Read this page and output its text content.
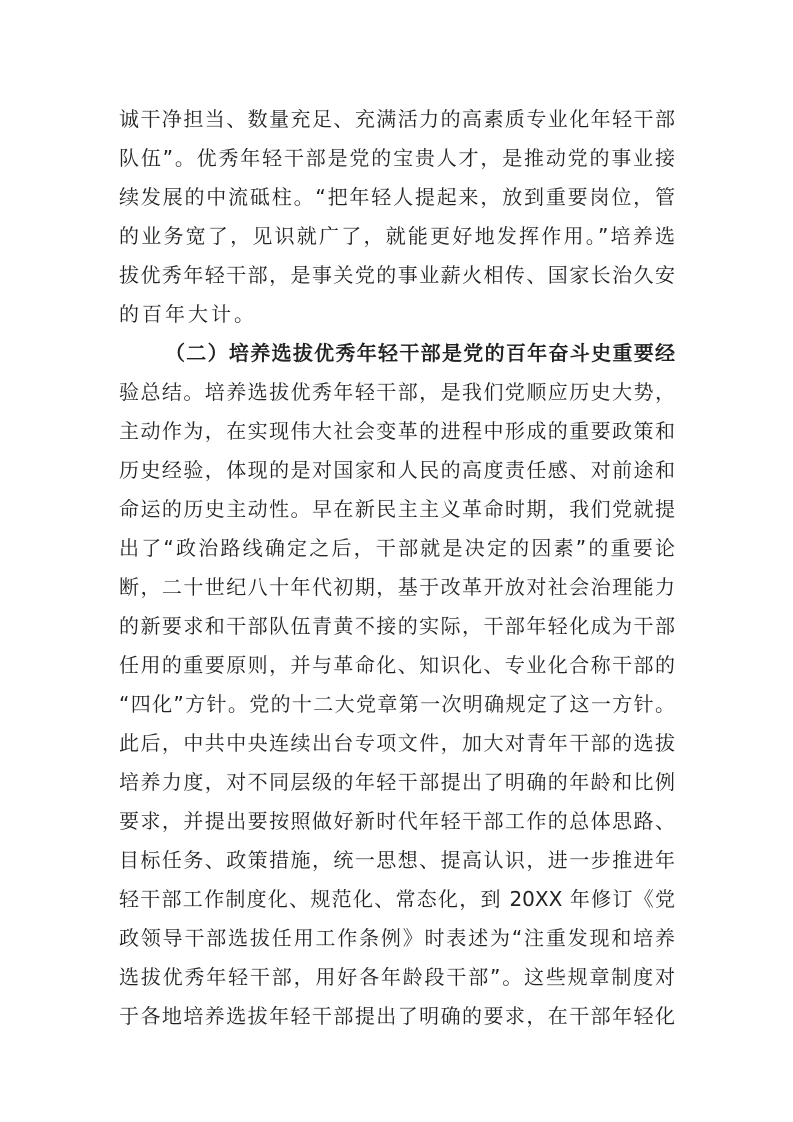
诚干净担当、数量充足、充满活力的高素质专业化年轻干部
队伍”。优秀年轻干部是党的宝贵人才，是推动党的事业接
续发展的中流砥柱。“把年轻人提起来，放到重要岗位，管
的业务宽了，见识就广了，就能更好地发挥作用。”培养选
拔优秀年轻干部，是事关党的事业薪火相传、国家长治久安
的百年大计。
（二）培养选拔优秀年轻干部是党的百年奋斗史重要经
验总结。培养选拔优秀年轻干部，是我们党顺应历史大势，
主动作为，在实现伟大社会变革的进程中形成的重要政策和
历史经验，体现的是对国家和人民的高度责任感、对前途和
命运的历史主动性。早在新民主主义革命时期，我们党就提
出了“政治路线确定之后，干部就是决定的因素”的重要论
断，二十世纪八十年代初期，基于改革开放对社会治理能力
的新要求和干部队伍青黄不接的实际，干部年轻化成为干部
任用的重要原则，并与革命化、知识化、专业化合称干部的
“四化”方针。党的十二大党章第一次明确规定了这一方针。
此后，中共中央连续出台专项文件，加大对青年干部的选拔
培养力度，对不同层级的年轻干部提出了明确的年龄和比例
要求，并提出要按照做好新时代年轻干部工作的总体思路、
目标任务、政策措施，统一思想、提高认识，进一步推进年
轻干部工作制度化、规范化、常态化，到 20XX 年修订《党
政领导干部选拔任用工作条例》时表述为“注重发现和培养
选拔优秀年轻干部，用好各年龄段干部”。这些规章制度对
于各地培养选拔年轻干部提出了明确的要求，在干部年轻化
